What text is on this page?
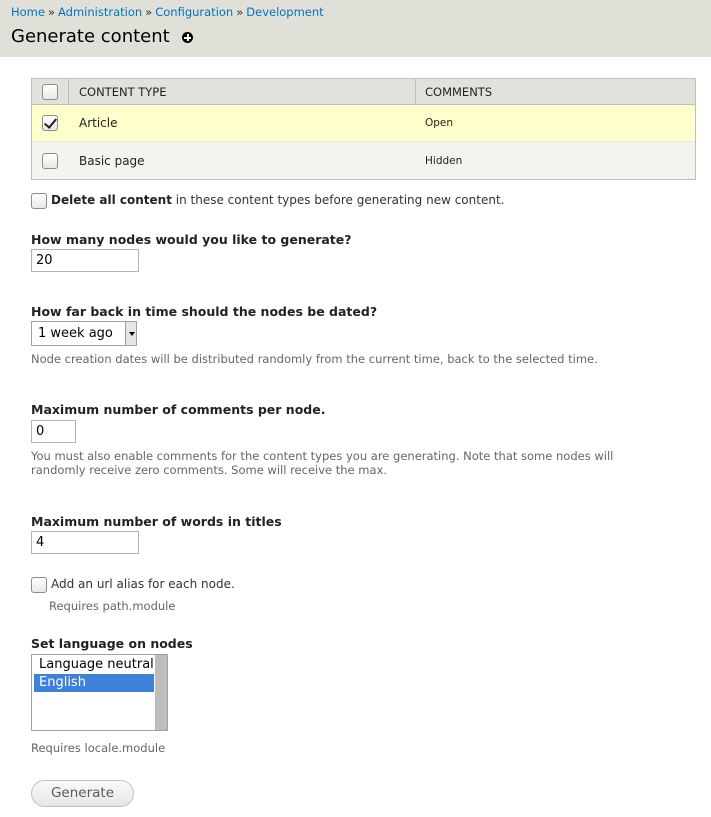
Home » Administration » Configuration » Development
Generate content
CONTENT TYPE	COMMENTS
Article	Open
Basic page	Hidden
Delete all content in these content types before generating new content.
How many nodes would you like to generate?
20
How far back in time should the nodes be dated?
1 week ago
Node creation dates will be distributed randomly from the current time, back to the selected time.
Maximum number of comments per node.
0
You must also enable comments for the content types you are generating. Note that some nodes will
randomly receive zero comments. Some will receive the max.
Maximum number of words in titles
4
Add an url alias for each node.
Requires path.module
Set language on nodes
Language neutral
English
Requires locale.module
Generate
